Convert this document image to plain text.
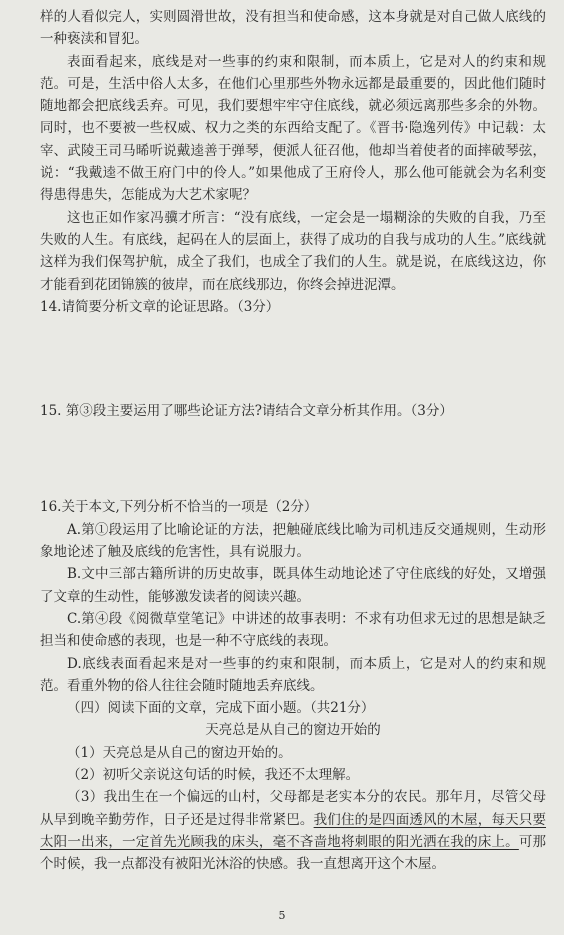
样的人看似完人，实则圆滑世故，没有担当和使命感，这本身就是对自己做人底线的一种亵渎和冒犯。

表面看起来，底线是对一些事的约束和限制，而本质上，它是对人的约束和规范。可是，生活中俗人太多，在他们心里那些外物永远都是最重要的，因此他们随时随地都会把底线丢弃。可见，我们要想牢牢守住底线，就必须远离那些多余的外物。同时，也不要被一些权威、权力之类的东西给支配了。《晋书·隐逸列传》中记载：太宰、武陵王司马晞听说戴逵善于弹琴，便派人征召他，他却当着使者的面摔破琴弦，说：“我戴逵不做王府门中的伶人。”如果他成了王府伶人，那么他可能就会为名利变得患得患失，怎能成为大艺术家呢？

这也正如作家冯骥才所言：“没有底线，一定会是一塌糊涂的失败的自我，乃至失败的人生。有底线，起码在人的层面上，获得了成功的自我与成功的人生。”底线就这样为我们保驾护航，成全了我们，也成全了我们的人生。就是说，在底线这边，你才能看到花团锦簇的彼岸，而在底线那边，你终会掉进泥潭。

14.请简要分析文章的论证思路。（3分）

15. 第③段主要运用了哪些论证方法?请结合文章分析其作用。（3分）

16.关于本文,下列分析不恰当的一项是（2分）

A.第①段运用了比喻论证的方法，把触碰底线比喻为司机违反交通规则，生动形象地论述了触及底线的危害性，具有说服力。

B.文中三部古籍所讲的历史故事，既具体生动地论述了守住底线的好处，又增强了文章的生动性，能够激发读者的阅读兴趣。

C.第④段《阅微草堂笔记》中讲述的故事表明：不求有功但求无过的思想是缺乏担当和使命感的表现，也是一种不守底线的表现。

D.底线表面看起来是对一些事的约束和限制，而本质上，它是对人的约束和规范。看重外物的俗人往往会随时随地丢弃底线。

（四）阅读下面的文章，完成下面小题。（共21分）

天亮总是从自己的窗边开始的

（1）天亮总是从自己的窗边开始的。

（2）初听父亲说这句话的时候，我还不太理解。

（3）我出生在一个偏远的山村，父母都是老实本分的农民。那年月，尽管父母从早到晚辛勤劳作，日子还是过得非常紧巴。我们住的是四面透风的木屋，每天只要太阳一出来，一定首先光顾我的床头，毫不吝啬地将刺眼的阳光洒在我的床上。可那个时候，我一点都没有被阳光沐浴的快感。我一直想离开这个木屋。

5
